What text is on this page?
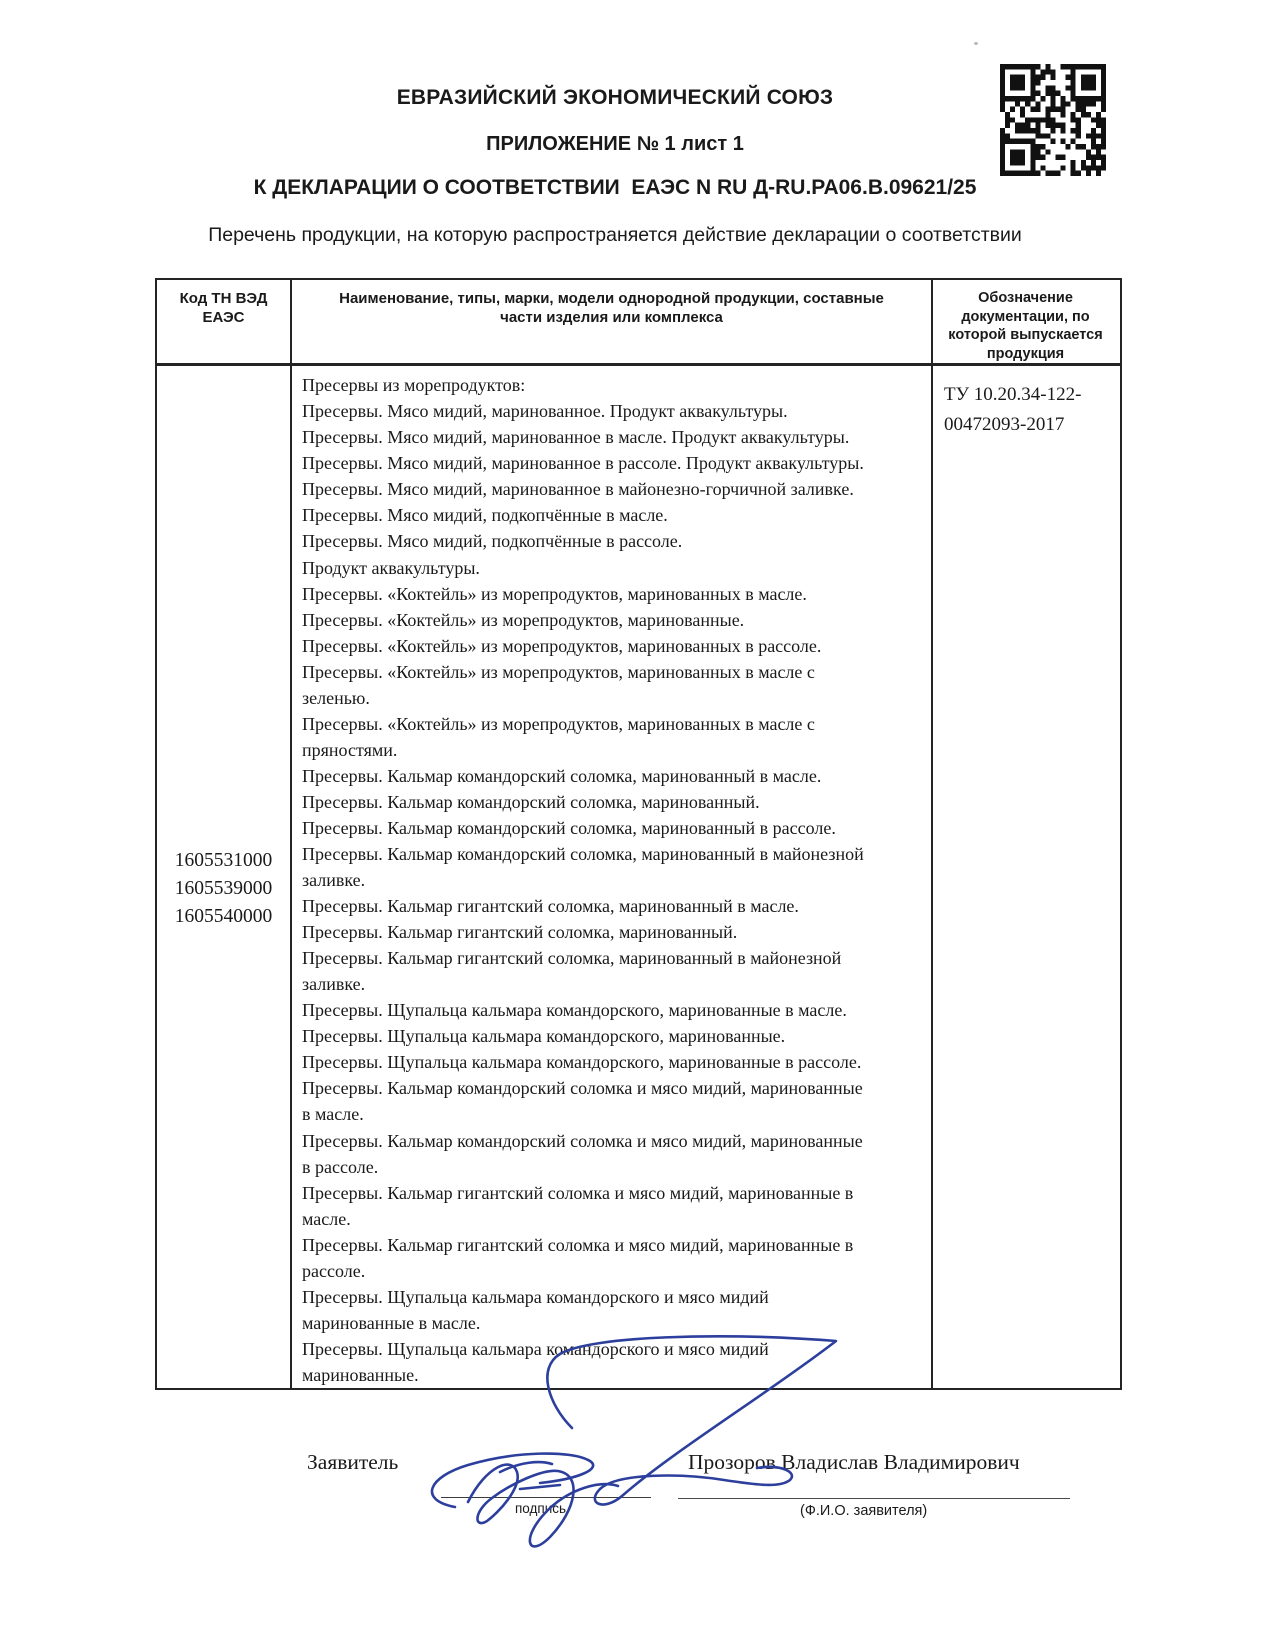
ЕВРАЗИЙСКИЙ ЭКОНОМИЧЕСКИЙ СОЮЗ
ПРИЛОЖЕНИЕ № 1 лист 1
К ДЕКЛАРАЦИИ О СООТВЕТСТВИИ  ЕАЭС N RU Д-RU.РА06.В.09621/25
Перечень продукции, на которую распространяется действие декларации о соответствии
Код ТН ВЭД ЕАЭС
Наименование, типы, марки, модели однородной продукции, составные части изделия или комплекса
Обозначение документации, по которой выпускается продукция
1605531000
1605539000
1605540000
Пресервы из морепродуктов:
Пресервы. Мясо мидий, маринованное. Продукт аквакультуры.
Пресервы. Мясо мидий, маринованное в масле. Продукт аквакультуры.
Пресервы. Мясо мидий, маринованное в рассоле. Продукт аквакультуры.
Пресервы. Мясо мидий, маринованное в майонезно-горчичной заливке.
Пресервы. Мясо мидий, подкопчённые в масле.
Пресервы. Мясо мидий, подкопчённые в рассоле.
Продукт аквакультуры.
Пресервы. «Коктейль» из морепродуктов, маринованных в масле.
Пресервы. «Коктейль» из морепродуктов, маринованные.
Пресервы. «Коктейль» из морепродуктов, маринованных в рассоле.
Пресервы. «Коктейль» из морепродуктов, маринованных в масле с
зеленью.
Пресервы. «Коктейль» из морепродуктов, маринованных в масле с
пряностями.
Пресервы. Кальмар командорский соломка, маринованный в масле.
Пресервы. Кальмар командорский соломка, маринованный.
Пресервы. Кальмар командорский соломка, маринованный в рассоле.
Пресервы. Кальмар командорский соломка, маринованный в майонезной
заливке.
Пресервы. Кальмар гигантский соломка, маринованный в масле.
Пресервы. Кальмар гигантский соломка, маринованный.
Пресервы. Кальмар гигантский соломка, маринованный в майонезной
заливке.
Пресервы. Щупальца кальмара командорского, маринованные в масле.
Пресервы. Щупальца кальмара командорского, маринованные.
Пресервы. Щупальца кальмара командорского, маринованные в рассоле.
Пресервы. Кальмар командорский соломка и мясо мидий, маринованные
в масле.
Пресервы. Кальмар командорский соломка и мясо мидий, маринованные
в рассоле.
Пресервы. Кальмар гигантский соломка и мясо мидий, маринованные в
масле.
Пресервы. Кальмар гигантский соломка и мясо мидий, маринованные в
рассоле.
Пресервы. Щупальца кальмара командорского и мясо мидий
маринованные в масле.
Пресервы. Щупальца кальмара командорского и мясо мидий
маринованные.
ТУ 10.20.34-122-
00472093-2017
Заявитель	Прозоров Владислав Владимирович
подпись	(Ф.И.О. заявителя)
